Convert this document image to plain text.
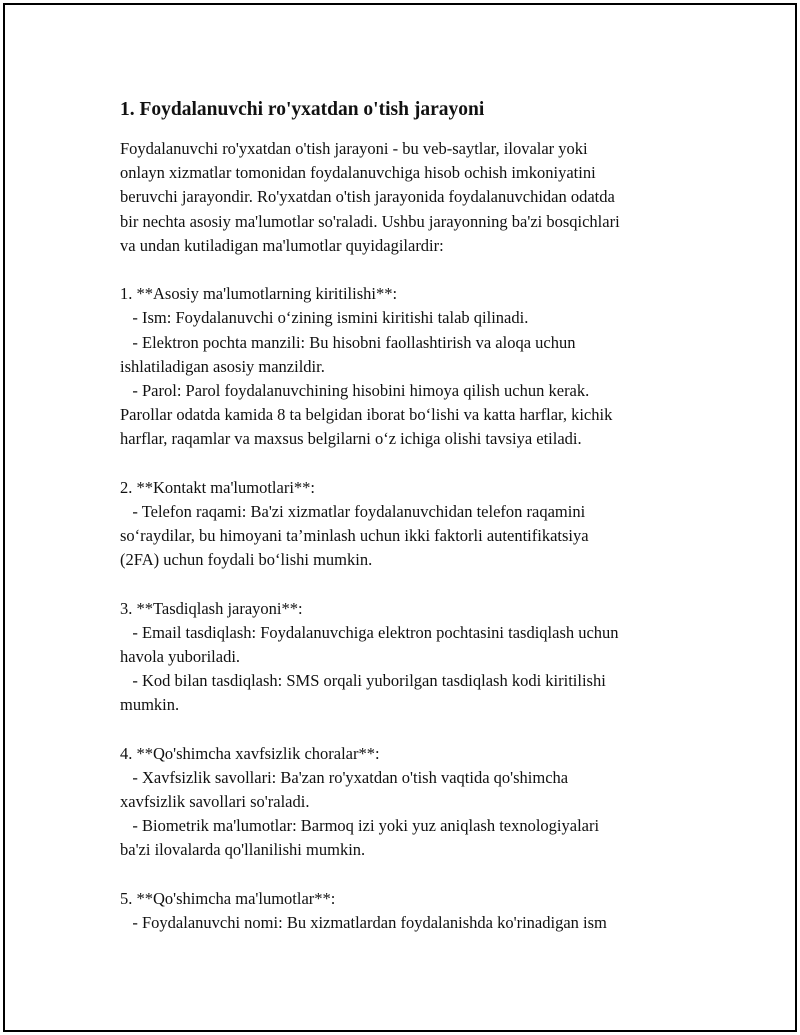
1. Foydalanuvchi ro'yxatdan o'tish jarayoni
Foydalanuvchi ro'yxatdan o'tish jarayoni - bu veb-saytlar, ilovalar yoki
onlayn xizmatlar tomonidan foydalanuvchiga hisob ochish imkoniyatini
beruvchi jarayondir. Ro'yxatdan o'tish jarayonida foydalanuvchidan odatda
bir nechta asosiy ma'lumotlar so'raladi. Ushbu jarayonning ba'zi bosqichlari
va undan kutiladigan ma'lumotlar quyidagilardir:
1. **Asosiy ma'lumotlarning kiritilishi**:
- Ism: Foydalanuvchi o‘zining ismini kiritishi talab qilinadi.
- Elektron pochta manzili: Bu hisobni faollashtirish va aloqa uchun
ishlatiladigan asosiy manzildir.
- Parol: Parol foydalanuvchining hisobini himoya qilish uchun kerak.
Parollar odatda kamida 8 ta belgidan iborat bo‘lishi va katta harflar, kichik
harflar, raqamlar va maxsus belgilarni o‘z ichiga olishi tavsiya etiladi.
2. **Kontakt ma'lumotlari**:
- Telefon raqami: Ba'zi xizmatlar foydalanuvchidan telefon raqamini
so‘raydilar, bu himoyani ta’minlash uchun ikki faktorli autentifikatsiya
(2FA) uchun foydali bo‘lishi mumkin.
3. **Tasdiqlash jarayoni**:
- Email tasdiqlash: Foydalanuvchiga elektron pochtasini tasdiqlash uchun
havola yuboriladi.
- Kod bilan tasdiqlash: SMS orqali yuborilgan tasdiqlash kodi kiritilishi
mumkin.
4. **Qo'shimcha xavfsizlik choralar**:
- Xavfsizlik savollari: Ba'zan ro'yxatdan o'tish vaqtida qo'shimcha
xavfsizlik savollari so'raladi.
- Biometrik ma'lumotlar: Barmoq izi yoki yuz aniqlash texnologiyalari
ba'zi ilovalarda qo'llanilishi mumkin.
5. **Qo'shimcha ma'lumotlar**:
- Foydalanuvchi nomi: Bu xizmatlardan foydalanishda ko'rinadigan ism
